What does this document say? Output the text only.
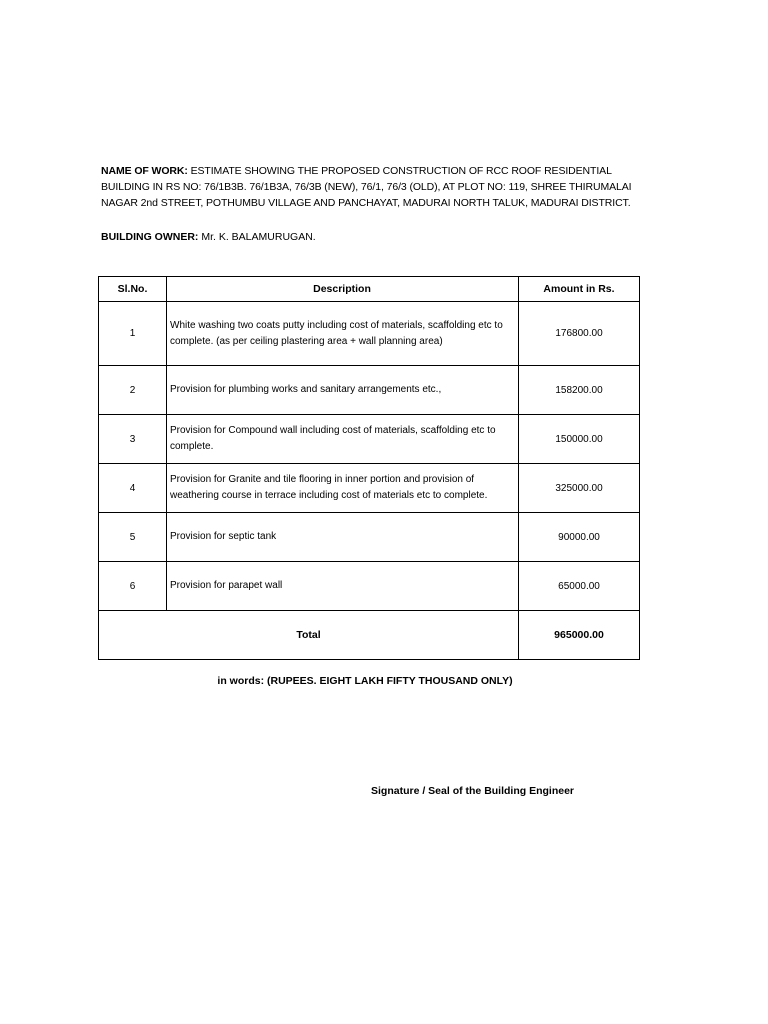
NAME OF WORK: ESTIMATE SHOWING THE PROPOSED CONSTRUCTION OF RCC ROOF RESIDENTIAL BUILDING IN RS NO: 76/1B3B. 76/1B3A, 76/3B (NEW), 76/1, 76/3 (OLD), AT PLOT NO: 119, SHREE THIRUMALAI NAGAR 2nd STREET, POTHUMBU VILLAGE AND PANCHAYAT, MADURAI NORTH TALUK, MADURAI DISTRICT.
BUILDING OWNER: Mr. K. BALAMURUGAN.
Sl.No.	Description	Amount in Rs.
1	White washing two coats putty including cost of materials, scaffolding etc to complete. (as per ceiling plastering area + wall planning area)	176800.00
2	Provision for plumbing works and sanitary arrangements etc.,	158200.00
3	Provision for Compound wall including cost of materials, scaffolding etc to complete.	150000.00
4	Provision for Granite and tile flooring in inner portion and provision of weathering course in terrace including cost of materials etc to complete.	325000.00
5	Provision for septic tank	90000.00
6	Provision for parapet wall	65000.00
Total		965000.00
in words: (RUPEES. EIGHT LAKH FIFTY THOUSAND ONLY)
Signature / Seal of the Building Engineer
